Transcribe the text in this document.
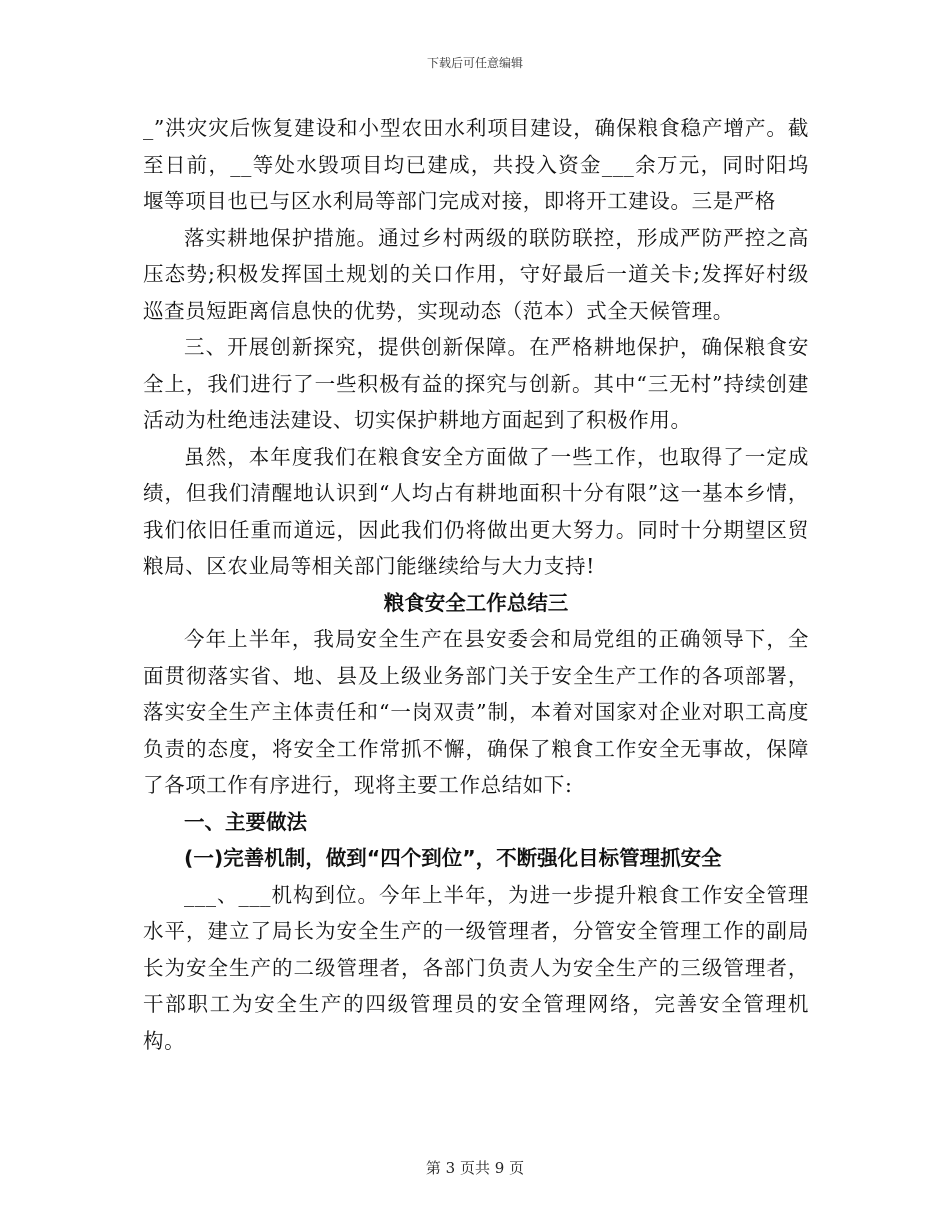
下载后可任意编辑

_”洪灾灾后恢复建设和小型农田水利项目建设，确保粮食稳产增产。截至日前，__等处水毁项目均已建成，共投入资金___余万元，同时阳坞堰等项目也已与区水利局等部门完成对接，即将开工建设。三是严格

落实耕地保护措施。通过乡村两级的联防联控，形成严防严控之高压态势;积极发挥国土规划的关口作用，守好最后一道关卡;发挥好村级巡查员短距离信息快的优势，实现动态（范本）式全天候管理。

三、开展创新探究，提供创新保障。在严格耕地保护，确保粮食安全上，我们进行了一些积极有益的探究与创新。其中“三无村”持续创建活动为杜绝违法建设、切实保护耕地方面起到了积极作用。

虽然，本年度我们在粮食安全方面做了一些工作，也取得了一定成绩，但我们清醒地认识到“人均占有耕地面积十分有限”这一基本乡情，我们依旧任重而道远，因此我们仍将做出更大努力。同时十分期望区贸粮局、区农业局等相关部门能继续给与大力支持!

粮食安全工作总结三

今年上半年，我局安全生产在县安委会和局党组的正确领导下，全面贯彻落实省、地、县及上级业务部门关于安全生产工作的各项部署，落实安全生产主体责任和“一岗双责”制，本着对国家对企业对职工高度负责的态度，将安全工作常抓不懈，确保了粮食工作安全无事故，保障了各项工作有序进行，现将主要工作总结如下:

一、主要做法

(一)完善机制，做到“四个到位”，不断强化目标管理抓安全

___、___机构到位。今年上半年，为进一步提升粮食工作安全管理水平，建立了局长为安全生产的一级管理者，分管安全管理工作的副局长为安全生产的二级管理者，各部门负责人为安全生产的三级管理者，干部职工为安全生产的四级管理员的安全管理网络，完善安全管理机构。

第 3 页共 9 页
